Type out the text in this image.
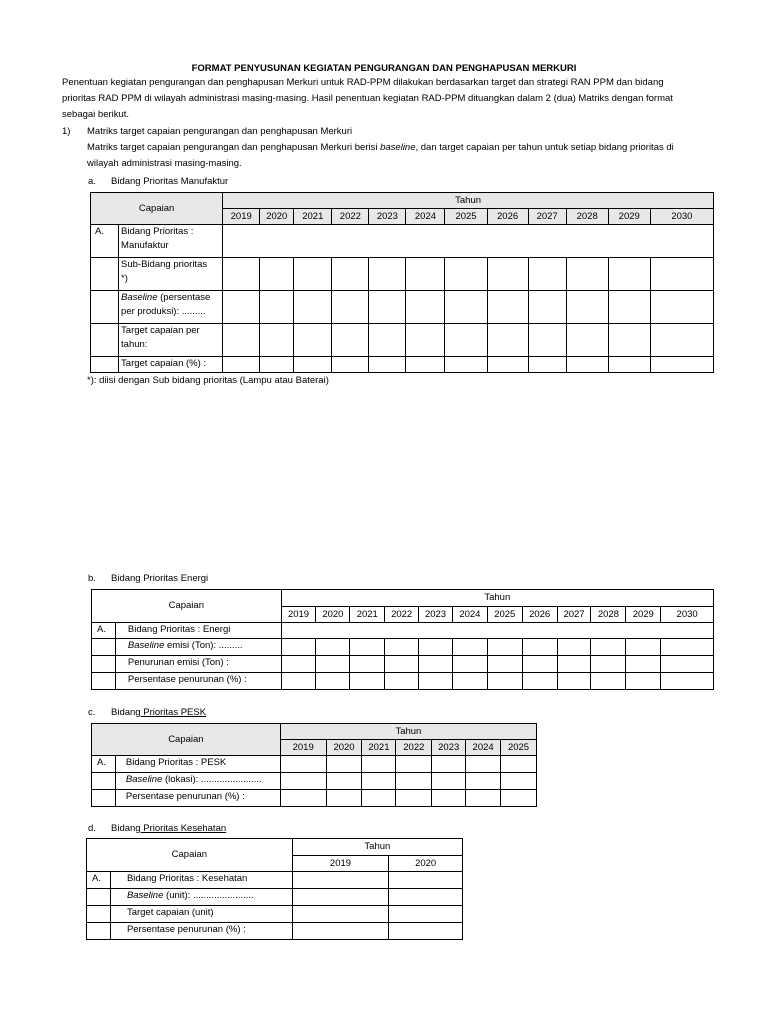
FORMAT PENYUSUNAN KEGIATAN PENGURANGAN DAN PENGHAPUSAN MERKURI
Penentuan kegiatan pengurangan dan penghapusan Merkuri untuk RAD-PPM dilakukan berdasarkan target dan strategi RAN PPM dan bidang
prioritas RAD PPM di wilayah administrasi masing-masing. Hasil penentuan kegiatan RAD-PPM dituangkan dalam 2 (dua) Matriks dengan format
sebagai berikut.
1) Matriks target capaian pengurangan dan penghapusan Merkuri
Matriks target capaian pengurangan dan penghapusan Merkuri berisi baseline, dan target capaian per tahun untuk setiap bidang prioritas di
wilayah administrasi masing-masing.
a. Bidang Prioritas Manufaktur
Capaian		Tahun											
		2019	2020	2021	2022	2023	2024	2025	2026	2027	2028	2029	2030
A.	Bidang Prioritas :
Manufaktur												

	Sub-Bidang prioritas
*)												

	Baseline (persentase
per produksi): .........												

	Target capaian per
tahun:												

	Target capaian (%) :												
*): diisi dengan Sub bidang prioritas (Lampu atau Baterai)
b. Bidang Prioritas Energi
Capaian		Tahun											
		2019	2020	2021	2022	2023	2024	2025	2026	2027	2028	2029	2030
A.	Bidang Prioritas : Energi												
	Baseline emisi (Ton): .........												
	Penurunan emisi (Ton) :												
	Persentase penurunan (%) :												
c. Bidang Prioritas PESK
Capaian		Tahun						
		2019	2020	2021	2022	2023	2024	2025
A.	Bidang Prioritas : PESK							
	Baseline (lokasi): .......................							
	Persentase penurunan (%) :							
d. Bidang Prioritas Kesehatan
Capaian		Tahun	
		2019	2020
A.	Bidang Prioritas : Kesehatan		
	Baseline (unit): .......................		
	Target capaian (unit)		
	Persentase penurunan (%) :		
